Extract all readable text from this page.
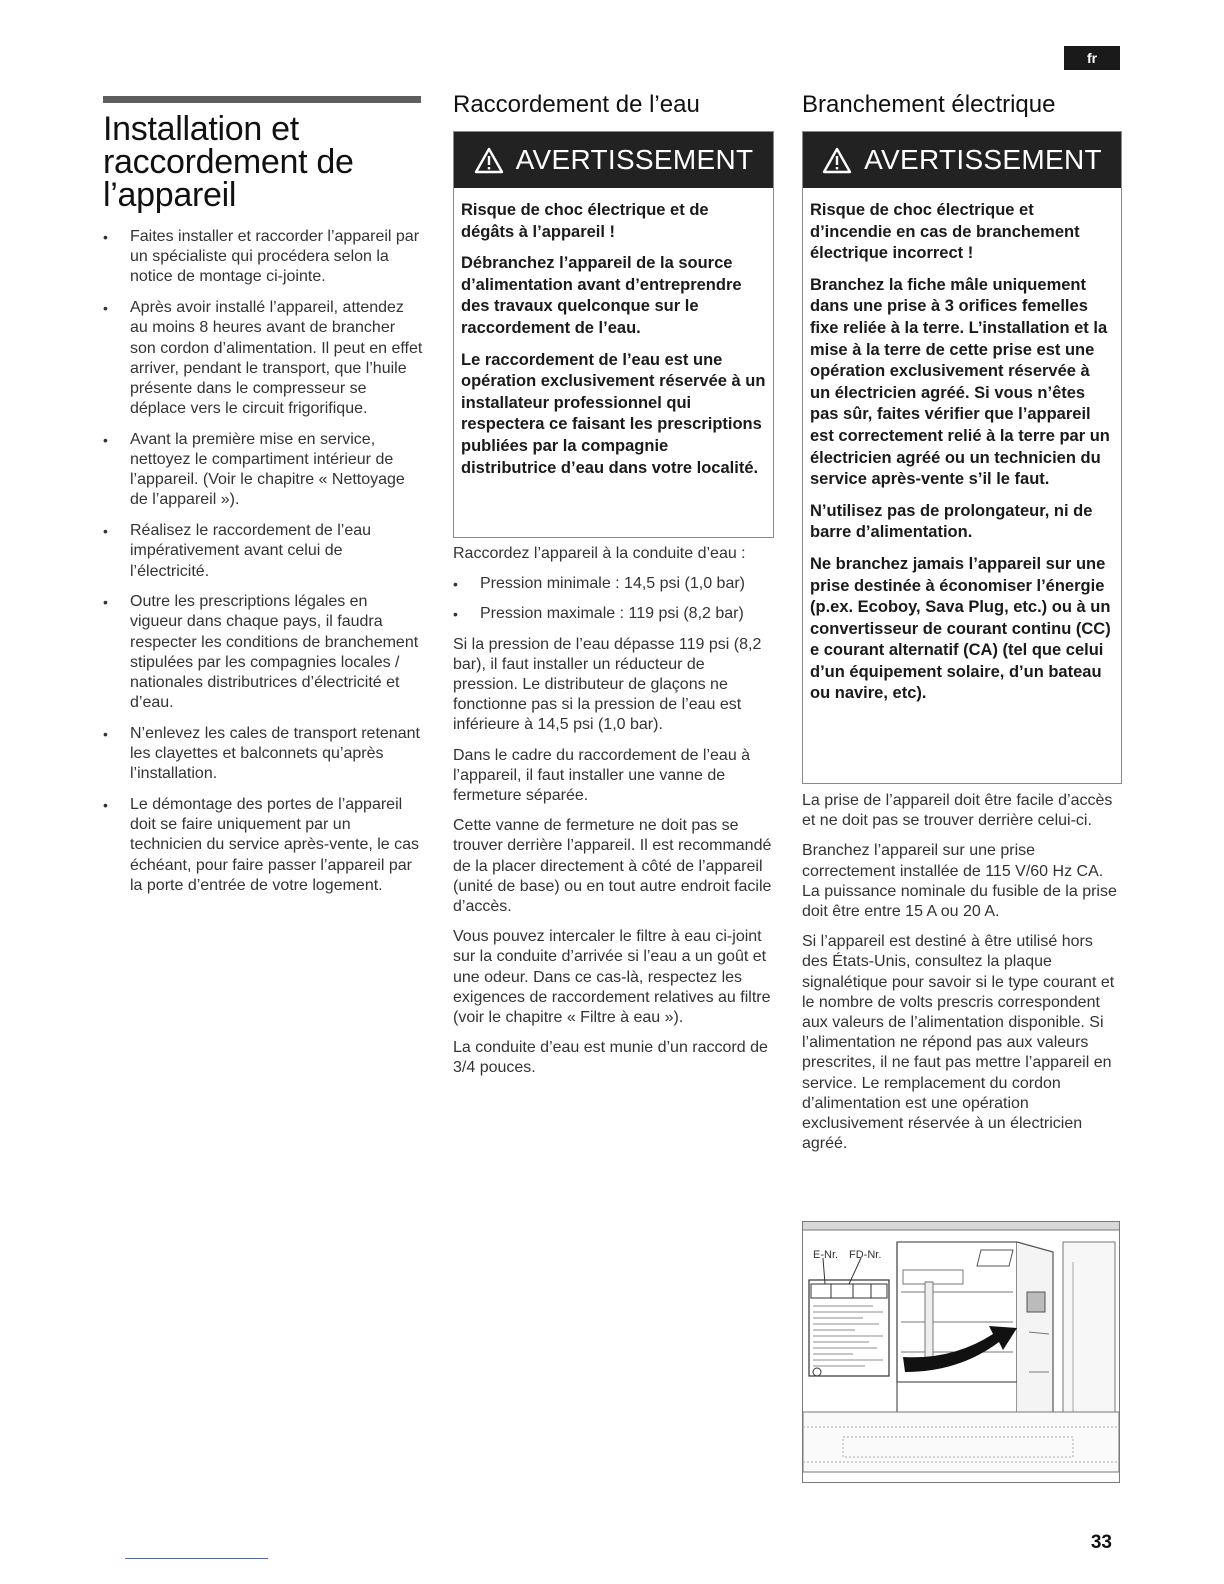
fr
Installation et
raccordement de
l’appareil
• Faites installer et raccorder l’appareil par un spécialiste qui procédera selon la notice de montage ci-jointe.
• Après avoir installé l’appareil, attendez au moins 8 heures avant de brancher son cordon d’alimentation. Il peut en effet arriver, pendant le transport, que l’huile présente dans le compresseur se déplace vers le circuit frigorifique.
• Avant la première mise en service, nettoyez le compartiment intérieur de l’appareil. (Voir le chapitre « Nettoyage de l’appareil »).
• Réalisez le raccordement de l’eau impérativement avant celui de l’électricité.
• Outre les prescriptions légales en vigueur dans chaque pays, il faudra respecter les conditions de branchement stipulées par les compagnies locales / nationales distributrices d’électricité et d’eau.
• N’enlevez les cales de transport retenant les clayettes et balconnets qu’après l’installation.
• Le démontage des portes de l’appareil doit se faire uniquement par un technicien du service après-vente, le cas échéant, pour faire passer l’appareil par la porte d’entrée de votre logement.
Raccordement de l’eau
AVERTISSEMENT

Risque de choc électrique et de dégâts à l’appareil !

Débranchez l’appareil de la source d’alimentation avant d’entreprendre des travaux quelconque sur le raccordement de l’eau.

Le raccordement de l’eau est une opération exclusivement réservée à un installateur professionnel qui respectera ce faisant les prescriptions publiées par la compagnie distributrice d’eau dans votre localité.

Raccordez l’appareil à la conduite d’eau :

• Pression minimale : 14,5 psi (1,0 bar)
• Pression maximale : 119 psi (8,2 bar)

Si la pression de l’eau dépasse 119 psi (8,2 bar), il faut installer un réducteur de pression. Le distributeur de glaçons ne fonctionne pas si la pression de l’eau est inférieure à 14,5 psi (1,0 bar).

Dans le cadre du raccordement de l’eau à l’appareil, il faut installer une vanne de fermeture séparée.

Cette vanne de fermeture ne doit pas se trouver derrière l’appareil. Il est recommandé de la placer directement à côté de l’appareil (unité de base) ou en tout autre endroit facile d’accès.

Vous pouvez intercaler le filtre à eau ci-joint sur la conduite d’arrivée si l’eau a un goût et une odeur. Dans ce cas-là, respectez les exigences de raccordement relatives au filtre (voir le chapitre « Filtre à eau »).

La conduite d’eau est munie d’un raccord de 3/4 pouces.

Branchement électrique
AVERTISSEMENT

Risque de choc électrique et d’incendie en cas de branchement électrique incorrect !

Branchez la fiche mâle uniquement dans une prise à 3 orifices femelles fixe reliée à la terre. L’installation et la mise à la terre de cette prise est une opération exclusivement réservée à un électricien agréé. Si vous n’êtes pas sûr, faites vérifier que l’appareil est correctement relié à la terre par un électricien agréé ou un technicien du service après-vente s’il le faut.

N’utilisez pas de prolongateur, ni de barre d’alimentation.

Ne branchez jamais l’appareil sur une prise destinée à économiser l’énergie (p.ex. Ecoboy, Sava Plug, etc.) ou à un convertisseur de courant continu (CC) e courant alternatif (CA) (tel que celui d’un équipement solaire, d’un bateau ou navire, etc).

La prise de l’appareil doit être facile d’accès et ne doit pas se trouver derrière celui-ci.

Branchez l’appareil sur une prise correctement installée de 115 V/60 Hz CA. La puissance nominale du fusible de la prise doit être entre 15 A ou 20 A.

Si l’appareil est destiné à être utilisé hors des États-Unis, consultez la plaque signalétique pour savoir si le type courant et le nombre de volts prescris correspondent aux valeurs de l’alimentation disponible. Si l’alimentation ne répond pas aux valeurs prescrites, il ne faut pas mettre l’appareil en service. Le remplacement du cordon d’alimentation est une opération exclusivement réservée à un électricien agréé.

E-Nr. FD-Nr.
33
